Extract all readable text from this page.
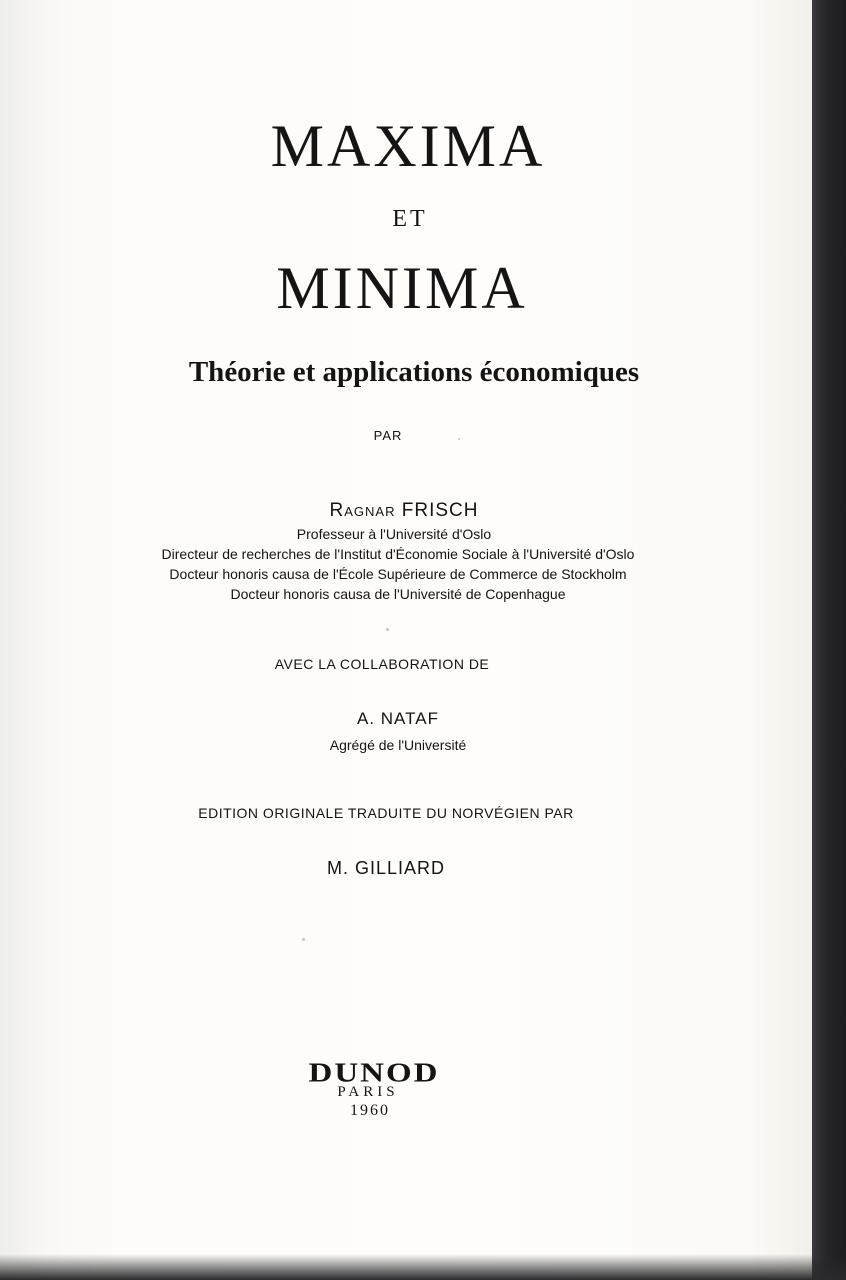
MAXIMA
ET
MINIMA
Théorie et applications économiques
PAR
Ragnar FRISCH
Professeur à l'Université d'Oslo
Directeur de recherches de l'Institut d'Économie Sociale à l'Université d'Oslo
Docteur honoris causa de l'École Supérieure de Commerce de Stockholm
Docteur honoris causa de l'Université de Copenhague
AVEC LA COLLABORATION DE
A. NATAF
Agrégé de l'Université
EDITION ORIGINALE TRADUITE DU NORVÉGIEN PAR
M. GILLIARD
DUNOD
PARIS
1960
